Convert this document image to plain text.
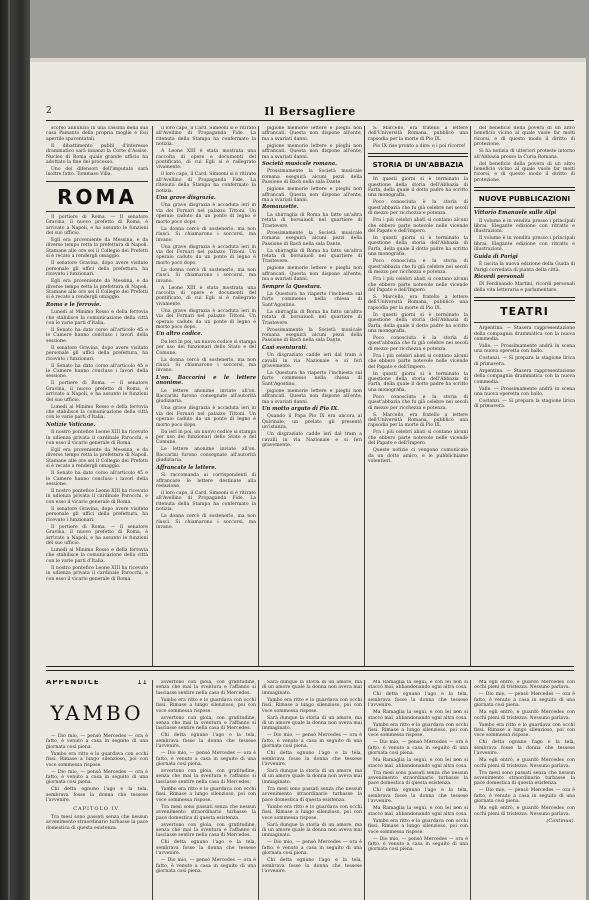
Il Bersagliere
2

scorso annunzio in una cassina della sua casa Pamanto della propria moglie e fosi apertile spaventatali.

Il dibattimento pubbl d'interesse drammatico sarà innanzi la Corte d'Assise. Nucleo di Roma quale grande ufficio ha adottato la fine del processo.

Uno dei difensori dell'imputato sarà inoltre fatto. Tommaso Villa.

ROMA

Il portiere di Roma. — Il senatore Gravina, il nuovo prefetto di Roma, è arrivato a Napoli, e ha assunto le funzioni del suo ufficio.

Egli era proveniente da Messina, e da diverse tempo retta la prefettura di Napoli. Stamane alle ore sei il Collegio dei Prefetti si è recato a rendergli omaggio.

Il senatore Gravina, dopo avere visitato personale gli uffici della prefettura, ha ricevuto i funzionari.

Egli era proveniente da Messina, e da diverse tempo retta la prefettura di Napoli. Stamane alle ore sei il Collegio dei Prefetti si è recato a rendergli omaggio.

Roma e le ferrovie.

Lunedì al Minimo Rosso e della ferrovia che stabilisce la comunicazione della città con le varie parti d'Italia.

Il Senato ha dato corso all'articolo 45 e le Camere hanno concluso i lavori della sessione.

Il senatore Gravina, dopo avere visitato personale gli uffici della prefettura, ha ricevuto i funzionari.

Il Senato ha dato corso all'articolo 45 e le Camere hanno concluso i lavori della sessione.

Il portiere di Roma. — Il senatore Gravina, il nuovo prefetto di Roma, è arrivato a Napoli, e ha assunto le funzioni del suo ufficio.

Lunedì al Minimo Rosso e della ferrovia che stabilisce la comunicazione della città con le varie parti d'Italia.

Notizie Vaticane.

Il nostro pontefice Leone XIII ha ricevuto in udienza privata il cardinale Parocchi, e con esso il vicario generale di Roma.

Egli era proveniente da Messina, e da diverse tempo retta la prefettura di Napoli. Stamane alle ore sei il Collegio dei Prefetti si è recato a rendergli omaggio.

Il Senato ha dato corso all'articolo 45 e le Camere hanno concluso i lavori della sessione.

Il nostro pontefice Leone XIII ha ricevuto in udienza privata il cardinale Parocchi, e con esso il vicario generale di Roma.

Il senatore Gravina, dopo avere visitato personale gli uffici della prefettura, ha ricevuto i funzionari.

Il portiere di Roma. — Il senatore Gravina, il nuovo prefetto di Roma, è arrivato a Napoli, e ha assunto le funzioni del suo ufficio.

Lunedì al Minimo Rosso e della ferrovia che stabilisce la comunicazione della città con le varie parti d'Italia.

Il nostro pontefice Leone XIII ha ricevuto in udienza privata il cardinale Parocchi, e con esso il vicario generale di Roma.

il loro capo, il Card. Simeoni si è ritirato all'Avellino di Propaganda Fide. La ritenuta della Stampa ha confermato la notizia.

A Leone XIII è stata mostrata una raccolta di opere e documenti del pontificato, di cui Egli si è rallegrato vivamente.

il loro capo, il Card. Simeoni si è ritirato all'Avellino di Propaganda Fide. La ritenuta della Stampa ha confermato la notizia.

Una grave disgrazia.

Una grave disgrazia è accaduta ieri in via dei Fornari nel palazzo Tittoni. Un operaio caduto da un ponte di legno è morto poco dopo.

La donna cercò di sostenerlo, ma non riuscì. Si chiamarono i soccorsi, ma invano.

Una grave disgrazia è accaduta ieri in via dei Fornari nel palazzo Tittoni. Un operaio caduto da un ponte di legno è morto poco dopo.

La donna cercò di sostenerlo, ma non riuscì. Si chiamarono i soccorsi, ma invano.

A Leone XIII è stata mostrata una raccolta di opere e documenti del pontificato, di cui Egli si è rallegrato vivamente.

Una grave disgrazia è accaduta ieri in via dei Fornari nel palazzo Tittoni. Un operaio caduto da un ponte di legno è morto poco dopo.

Un altro codice.

Da ieri in poi, un nuovo codice si stampa per uso dei funzionari dello Stato e del Comune.

La donna cercò di sostenerlo, ma non riuscì. Si chiamarono i soccorsi, ma invano.

L'on. Baccarini e le lettere anonime.

Le lettere anonime inviate all'on. Baccarini furono consegnate all'autorità giudiziaria.

Una grave disgrazia è accaduta ieri in via dei Fornari nel palazzo Tittoni. Un operaio caduto da un ponte di legno è morto poco dopo.

Da ieri in poi, un nuovo codice si stampa per uso dei funzionari dello Stato e del Comune.

Le lettere anonime inviate all'on. Baccarini furono consegnate all'autorità giudiziaria.

Affrancate le lettere.

Si raccomanda ai corrispondenti di affrancare le lettere destinate alla redazione.

il loro capo, il Card. Simeoni si è ritirato all'Avellino di Propaganda Fide. La ritenuta della Stampa ha confermato la notizia.

La donna cercò di sostenerlo, ma non riuscì. Si chiamarono i soccorsi, ma invano.

pigione memorie lettere e pieghi non affrancati. Questa non dispone all'ente, ma a svariati danni.

pigione memorie lettere e pieghi non affrancati. Questa non dispone all'ente, ma a svariati danni.

Società musicale romana.

Prossimamente la Società musicale romana eseguirà alcuni pezzi della Passione di Bach nella sala Dante.

pigione memorie lettere e pieghi non affrancati. Questa non dispone all'ente, ma a svariati danni.

Romanzette.

La sbirraglia di Roma ha fatto un'altra retata di borsaiuoli nel quartiere di Trastevere.

Prossimamente la Società musicale romana eseguirà alcuni pezzi della Passione di Bach nella sala Dante.

La sbirraglia di Roma ha fatto un'altra retata di borsaiuoli nel quartiere di Trastevere.

pigione memorie lettere e pieghi non affrancati. Questa non dispone all'ente, ma a svariati danni.

Sempre la Questura.

La Questura ha riaperto l'inchiesta sul furto commesso nella chiesa di Sant'Agostino.

La sbirraglia di Roma ha fatto un'altra retata di borsaiuoli nel quartiere di Trastevere.

Prossimamente la Società musicale romana eseguirà alcuni pezzi della Passione di Bach nella sala Dante.

Casi sventurati.

Un disgraziato cadde ieri dal tram a cavalli in via Nazionale e si ferì gravemente.

La Questura ha riaperto l'inchiesta sul furto commesso nella chiesa di Sant'Agostino.

pigione memorie lettere e pieghi non affrancati. Questa non dispone all'ente, ma a svariati danni.

Un motto arguto di Pio IX.

Quando il Papa Pio IX era ancora al Quirinale, un prelato gli presentò un'istanza.

Un disgraziato cadde ieri dal tram a cavalli in via Nazionale e si ferì gravemente.

S. Marcello, era fratello a lettere dell'Università Romana, pubblicò una rapsodia per la morte di Pio IX.

Pio IX rise pronto a dire: e i poi ricorre!

STORIA DI UN'ABBAZIA

In questi giorni si è terminato la questione della storia dell'Abbazia di Farfa, della quale il dotto padre ha scritto una monografia.

Poco conosciuta è la storia di quest'abbazia che fu già celebre nei secoli di mezzo per ricchezza e potenza.

Fra i più celebri abati si contano alcuni che ebbero parte notevole nelle vicende del Papato e dell'Impero.

In questi giorni si è terminato la questione della storia dell'Abbazia di Farfa, della quale il dotto padre ha scritto una monografia.

Poco conosciuta è la storia di quest'abbazia che fu già celebre nei secoli di mezzo per ricchezza e potenza.

Fra i più celebri abati si contano alcuni che ebbero parte notevole nelle vicende del Papato e dell'Impero.

S. Marcello, era fratello a lettere dell'Università Romana, pubblicò una rapsodia per la morte di Pio IX.

In questi giorni si è terminato la questione della storia dell'Abbazia di Farfa, della quale il dotto padre ha scritto una monografia.

Poco conosciuta è la storia di quest'abbazia che fu già celebre nei secoli di mezzo per ricchezza e potenza.

Fra i più celebri abati si contano alcuni che ebbero parte notevole nelle vicende del Papato e dell'Impero.

In questi giorni si è terminato la questione della storia dell'Abbazia di Farfa, della quale il dotto padre ha scritto una monografia.

Poco conosciuta è la storia di quest'abbazia che fu già celebre nei secoli di mezzo per ricchezza e potenza.

S. Marcello, era fratello a lettere dell'Università Romana, pubblicò una rapsodia per la morte di Pio IX.

Fra i più celebri abati si contano alcuni che ebbero parte notevole nelle vicende del Papato e dell'Impero.

Queste notizie ci vengono comunicate da un dotto amico, e le pubblichiamo volentieri.

del beneficio della povera di un altro beneficio vicino al quale vuole far molti ricorsi, e di questo modo il diritto di protezione.

Si ha notizia di ulteriori proteste intorno all'Abbazia presso la Curia Romana.

del beneficio della povera di un altro beneficio vicino al quale vuole far molti ricorsi, e di questo modo il diritto di protezione.

NUOVE PUBBLICAZIONI
Vittorio Emanuele sulle Alpi

Il volume è in vendita presso i principali librai. Elegante edizione con ritratto e illustrazioni.

Il volume è in vendita presso i principali librai. Elegante edizione con ritratto e illustrazioni.

Guida di Parigi

È uscita la nuova edizione della Guida di Parigi corredata di pianta della città.

Ricordi personali

Di Ferdinando Martini, ricordi personali della vita letteraria e parlamentare.

TEATRI

Argentina. — Stasera rappresentazione della compagnia drammatica con la nuova commedia.

Valle. — Prossimamente andrà in scena una nuova operetta con ballo.

Costanzi. — Si prepara la stagione lirica di primavera.

Argentina. — Stasera rappresentazione della compagnia drammatica con la nuova commedia.

Valle. — Prossimamente andrà in scena una nuova operetta con ballo.

Costanzi. — Si prepara la stagione lirica di primavera.

APPENDICE	11
YAMBO

— Dio mio, — pensò Mercedes — ora è fatto, è venuto a casa in seguito di una giornata così piena.

Yambo era ritto e lo guardava con occhi fissi. Rimase a lungo silenzioso, poi con voce sommessa rispose.

— Dio mio, — pensò Mercedes — ora è fatto, è venuto a casa in seguito di una giornata così piena.

Chi detta ognuno l'ago e la tela, sembrava fosse la donna che tessese l'avvenire.

CAPITOLO IV.

Tra mesi sono passati senza che nessun avvenimento straordinario turbasse la pace domestica di questa esistenza.

avvertono con gioia, con gratitudine, senza che mai la sventura e l'affanno si lasciasse sentire nella casa di Mercedes.

Yambo era ritto e lo guardava con occhi fissi. Rimase a lungo silenzioso, poi con voce sommessa rispose.

avvertono con gioia, con gratitudine, senza che mai la sventura e l'affanno si lasciasse sentire nella casa di Mercedes.

Chi detta ognuno l'ago e la tela, sembrava fosse la donna che tessese l'avvenire.

— Dio mio, — pensò Mercedes — ora è fatto, è venuto a casa in seguito di una giornata così piena.

avvertono con gioia, con gratitudine, senza che mai la sventura e l'affanno si lasciasse sentire nella casa di Mercedes.

Yambo era ritto e lo guardava con occhi fissi. Rimase a lungo silenzioso, poi con voce sommessa rispose.

Tra mesi sono passati senza che nessun avvenimento straordinario turbasse la pace domestica di questa esistenza.

avvertono con gioia, con gratitudine, senza che mai la sventura e l'affanno si lasciasse sentire nella casa di Mercedes.

Chi detta ognuno l'ago e la tela, sembrava fosse la donna che tessese l'avvenire.

— Dio mio, — pensò Mercedes — ora è fatto, è venuto a casa in seguito di una giornata così piena.

Sarà dunque la storia di un amore, ma di un amore quale la donna non aveva mai immaginato.

Yambo era ritto e lo guardava con occhi fissi. Rimase a lungo silenzioso, poi con voce sommessa rispose.

Sarà dunque la storia di un amore, ma di un amore quale la donna non aveva mai immaginato.

— Dio mio, — pensò Mercedes — ora è fatto, è venuto a casa in seguito di una giornata così piena.

Chi detta ognuno l'ago e la tela, sembrava fosse la donna che tessese l'avvenire.

Sarà dunque la storia di un amore, ma di un amore quale la donna non aveva mai immaginato.

Tra mesi sono passati senza che nessun avvenimento straordinario turbasse la pace domestica di questa esistenza.

Yambo era ritto e lo guardava con occhi fissi. Rimase a lungo silenzioso, poi con voce sommessa rispose.

Sarà dunque la storia di un amore, ma di un amore quale la donna non aveva mai immaginato.

— Dio mio, — pensò Mercedes — ora è fatto, è venuto a casa in seguito di una giornata così piena.

Chi detta ognuno l'ago e la tela, sembrava fosse la donna che tessese l'avvenire.

Ma Ramaglia la seguì, e con lei non si staccò mai, abbandonando ogni altra cosa.

Chi detta ognuno l'ago e la tela, sembrava fosse la donna che tessese l'avvenire.

Ma Ramaglia la seguì, e con lei non si staccò mai, abbandonando ogni altra cosa.

Yambo era ritto e lo guardava con occhi fissi. Rimase a lungo silenzioso, poi con voce sommessa rispose.

— Dio mio, — pensò Mercedes — ora è fatto, è venuto a casa in seguito di una giornata così piena.

Ma Ramaglia la seguì, e con lei non si staccò mai, abbandonando ogni altra cosa.

Tra mesi sono passati senza che nessun avvenimento straordinario turbasse la pace domestica di questa esistenza.

Chi detta ognuno l'ago e la tela, sembrava fosse la donna che tessese l'avvenire.

Ma Ramaglia la seguì, e con lei non si staccò mai, abbandonando ogni altra cosa.

Yambo era ritto e lo guardava con occhi fissi. Rimase a lungo silenzioso, poi con voce sommessa rispose.

— Dio mio, — pensò Mercedes — ora è fatto, è venuto a casa in seguito di una giornata così piena.

Ma egli entrò, e guardò Mercedes con occhi pieni di tristezza. Nessuno parlava.

— Dio mio, — pensò Mercedes — ora è fatto, è venuto a casa in seguito di una giornata così piena.

Ma egli entrò, e guardò Mercedes con occhi pieni di tristezza. Nessuno parlava.

Yambo era ritto e lo guardava con occhi fissi. Rimase a lungo silenzioso, poi con voce sommessa rispose.

Chi detta ognuno l'ago e la tela, sembrava fosse la donna che tessese l'avvenire.

Ma egli entrò, e guardò Mercedes con occhi pieni di tristezza. Nessuno parlava.

Tra mesi sono passati senza che nessun avvenimento straordinario turbasse la pace domestica di questa esistenza.

— Dio mio, — pensò Mercedes — ora è fatto, è venuto a casa in seguito di una giornata così piena.

Ma egli entrò, e guardò Mercedes con occhi pieni di tristezza. Nessuno parlava.

(Continua).
